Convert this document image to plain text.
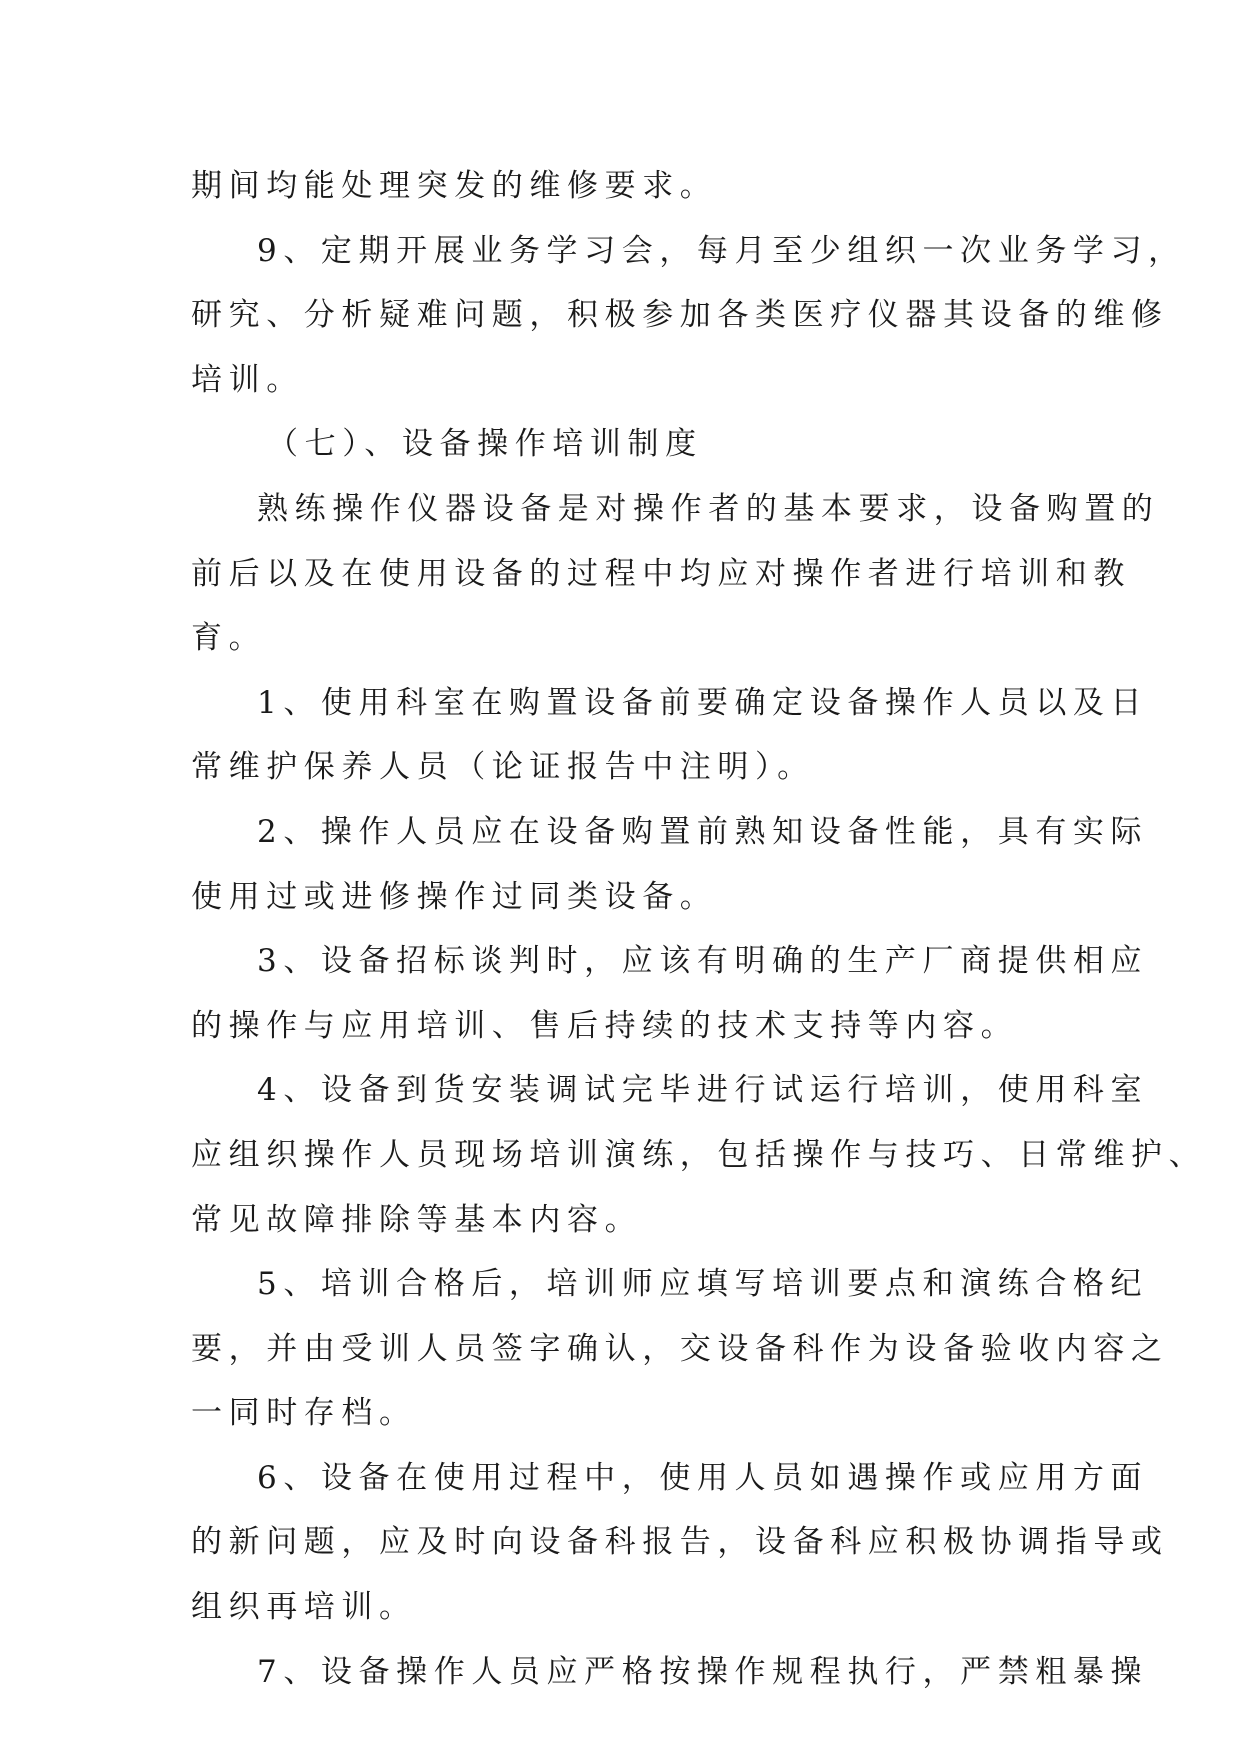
期间均能处理突发的维修要求。
9、定期开展业务学习会，每月至少组织一次业务学习，
研究、分析疑难问题，积极参加各类医疗仪器其设备的维修
培训。
（七）、设备操作培训制度
熟练操作仪器设备是对操作者的基本要求，设备购置的
前后以及在使用设备的过程中均应对操作者进行培训和教
育。
1、使用科室在购置设备前要确定设备操作人员以及日
常维护保养人员（论证报告中注明）。
2、操作人员应在设备购置前熟知设备性能，具有实际
使用过或进修操作过同类设备。
3、设备招标谈判时，应该有明确的生产厂商提供相应
的操作与应用培训、售后持续的技术支持等内容。
4、设备到货安装调试完毕进行试运行培训，使用科室
应组织操作人员现场培训演练，包括操作与技巧、日常维护、
常见故障排除等基本内容。
5、培训合格后，培训师应填写培训要点和演练合格纪
要，并由受训人员签字确认，交设备科作为设备验收内容之
一同时存档。
6、设备在使用过程中，使用人员如遇操作或应用方面
的新问题，应及时向设备科报告，设备科应积极协调指导或
组织再培训。
7、设备操作人员应严格按操作规程执行，严禁粗暴操
